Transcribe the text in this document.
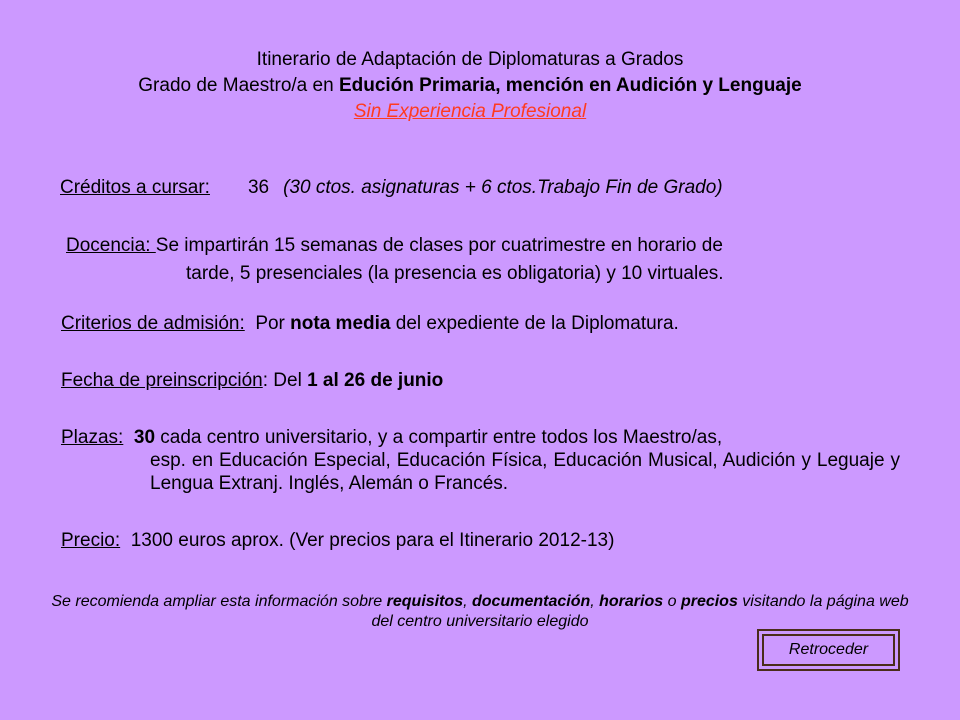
Itinerario de Adaptación de Diplomaturas a Grados
Grado de Maestro/a en Edución Primaria, mención en Audición y Lenguaje
Sin Experiencia Profesional
Créditos a cursar: 36 (30 ctos. asignaturas + 6 ctos.Trabajo Fin de Grado)
Docencia: Se impartirán 15 semanas de clases por cuatrimestre en horario de
tarde, 5 presenciales (la presencia es obligatoria) y 10 virtuales.
Criterios de admisión: Por nota media del expediente de la Diplomatura.
Fecha de preinscripción: Del 1 al 26 de junio
Plazas: 30 cada centro universitario, y a compartir entre todos los Maestro/as,
esp. en Educación Especial, Educación Física, Educación Musical, Audición y Leguaje y Lengua Extranj. Inglés, Alemán o Francés.
Precio: 1300 euros aprox. (Ver precios para el Itinerario 2012-13)
Se recomienda ampliar esta información sobre requisitos, documentación, horarios o precios visitando la página web del centro universitario elegido
Retroceder
